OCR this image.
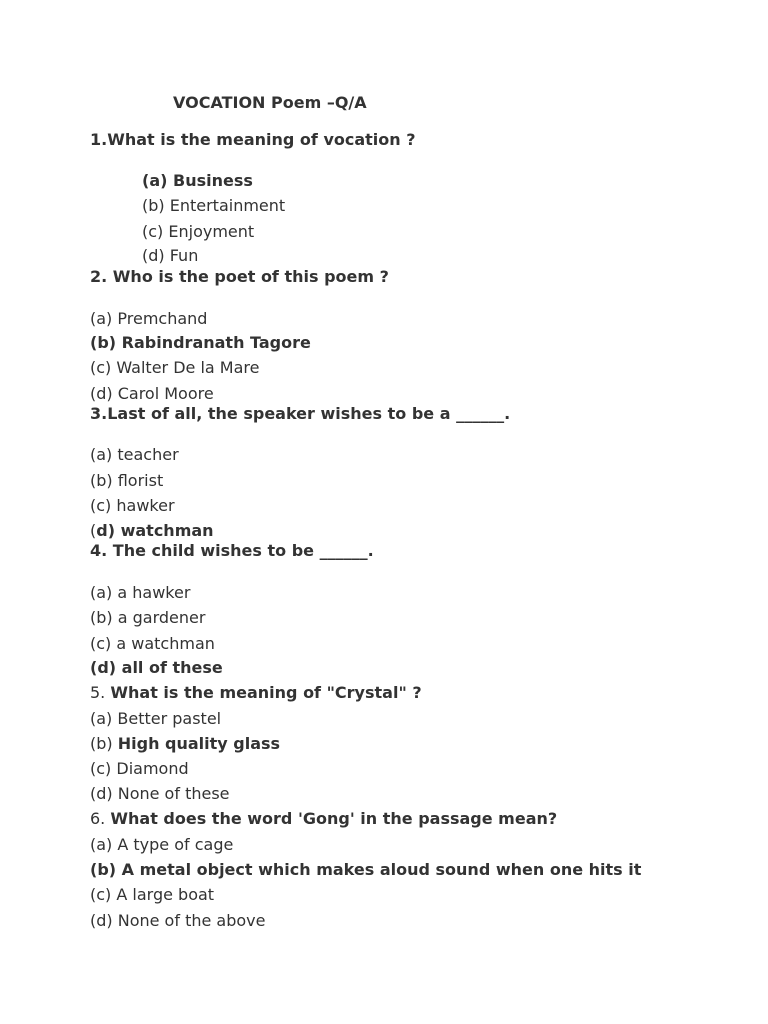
VOCATION Poem –Q/A
1.What is the meaning of vocation ?
(a) Business
(b) Entertainment
(c) Enjoyment
(d) Fun
2. Who is the poet of this poem ?
(a) Premchand
(b) Rabindranath Tagore
(c) Walter De la Mare
(d) Carol Moore
3.Last of all, the speaker wishes to be a ______.
(a) teacher
(b) florist
(c) hawker
(d) watchman
4. The child wishes to be ______.
(a) a hawker
(b) a gardener
(c) a watchman
(d) all of these
5. What is the meaning of "Crystal" ?
(a) Better pastel
(b) High quality glass
(c) Diamond
(d) None of these
6. What does the word 'Gong' in the passage mean?
(a) A type of cage
(b) A metal object which makes aloud sound when one hits it
(c) A large boat
(d) None of the above
